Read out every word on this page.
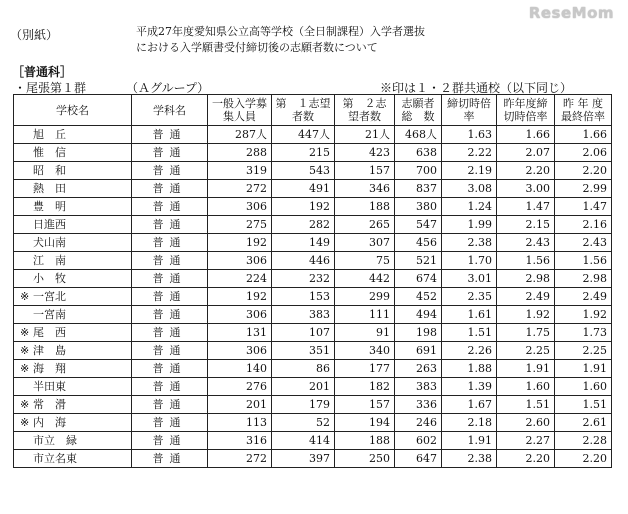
ReseMom
（別紙）	平成27年度愛知県公立高等学校（全日制課程）入学者選抜
における入学願書受付締切後の志願者数について
［普通科］
・尾張第１群	（Ａグループ）	※印は１・２群共通校（以下同じ）
学校名	学科名	一般入学募集人員	第　１志望者数	第　２志望者数	志願者総　数	締切時倍　率	昨年度締切時倍率	昨 年 度最終倍率
旭　丘	普通	287人	447人	21人	468人	1.63	1.66	1.66
惟　信	普通	288	215	423	638	2.22	2.07	2.06
昭　和	普通	319	543	157	700	2.19	2.20	2.20
熱　田	普通	272	491	346	837	3.08	3.00	2.99
豊　明	普通	306	192	188	380	1.24	1.47	1.47
日進西	普通	275	282	265	547	1.99	2.15	2.16
犬山南	普通	192	149	307	456	2.38	2.43	2.43
江　南	普通	306	446	75	521	1.70	1.56	1.56
小　牧	普通	224	232	442	674	3.01	2.98	2.98
※ 一宮北	普通	192	153	299	452	2.35	2.49	2.49
一宮南	普通	306	383	111	494	1.61	1.92	1.92
※ 尾　西	普通	131	107	91	198	1.51	1.75	1.73
※ 津　島	普通	306	351	340	691	2.26	2.25	2.25
※ 海　翔	普通	140	86	177	263	1.88	1.91	1.91
半田東	普通	276	201	182	383	1.39	1.60	1.60
※ 常　滑	普通	201	179	157	336	1.67	1.51	1.51
※ 内　海	普通	113	52	194	246	2.18	2.60	2.61
市立　緑	普通	316	414	188	602	1.91	2.27	2.28
市立名東	普通	272	397	250	647	2.38	2.20	2.20
